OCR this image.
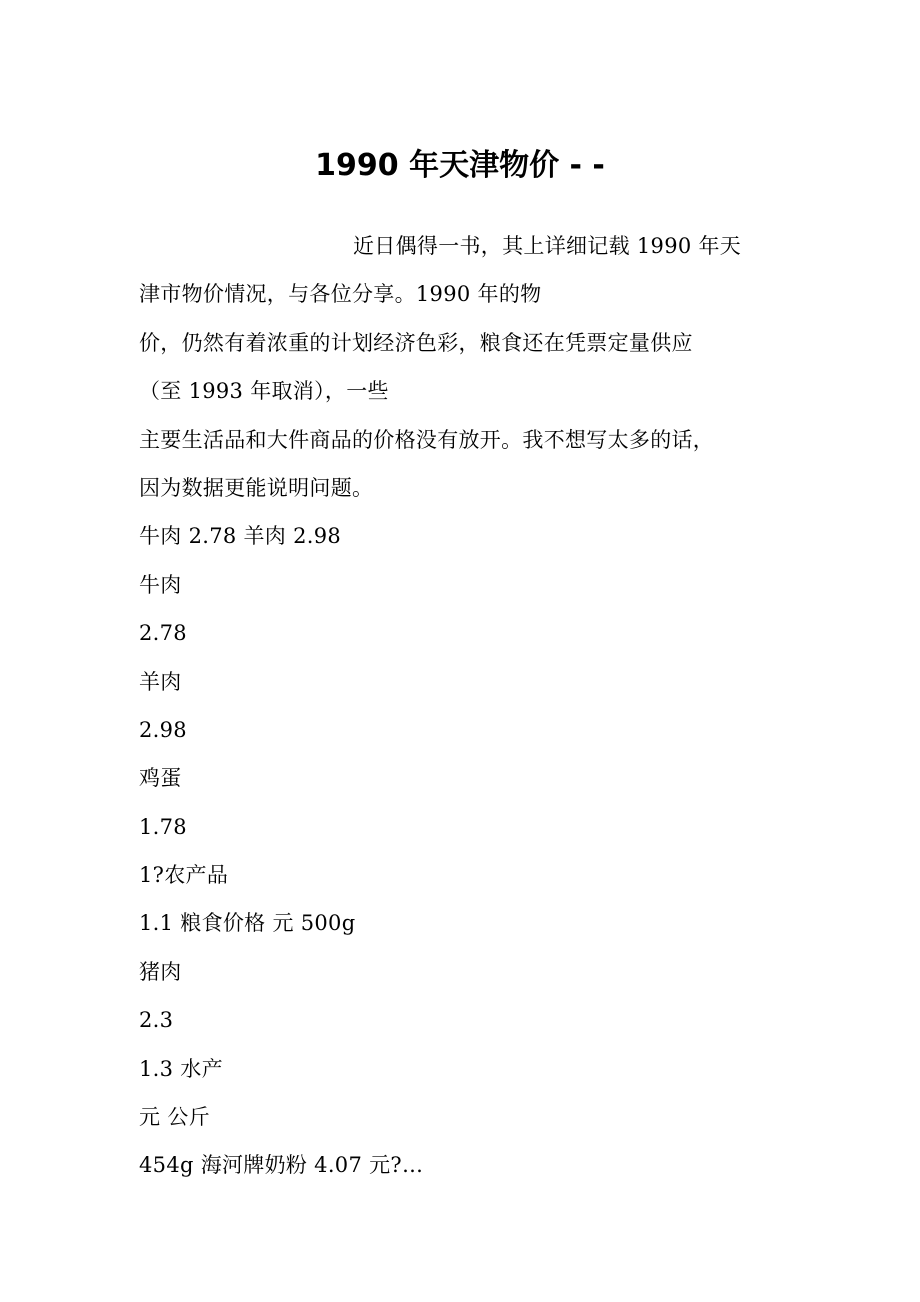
1990 年天津物价 - -
近日偶得一书，其上详细记载 1990 年天
津市物价情况，与各位分享。1990 年的物
价，仍然有着浓重的计划经济色彩，粮食还在凭票定量供应
（至 1993 年取消），一些
主要生活品和大件商品的价格没有放开。我不想写太多的话，
因为数据更能说明问题。
牛肉 2.78 羊肉 2.98
牛肉
2.78
羊肉
2.98
鸡蛋
1.78
1?农产品
1.1 粮食价格 元 500g
猪肉
2.3
1.3 水产
元 公斤
454g 海河牌奶粉 4.07 元?…
